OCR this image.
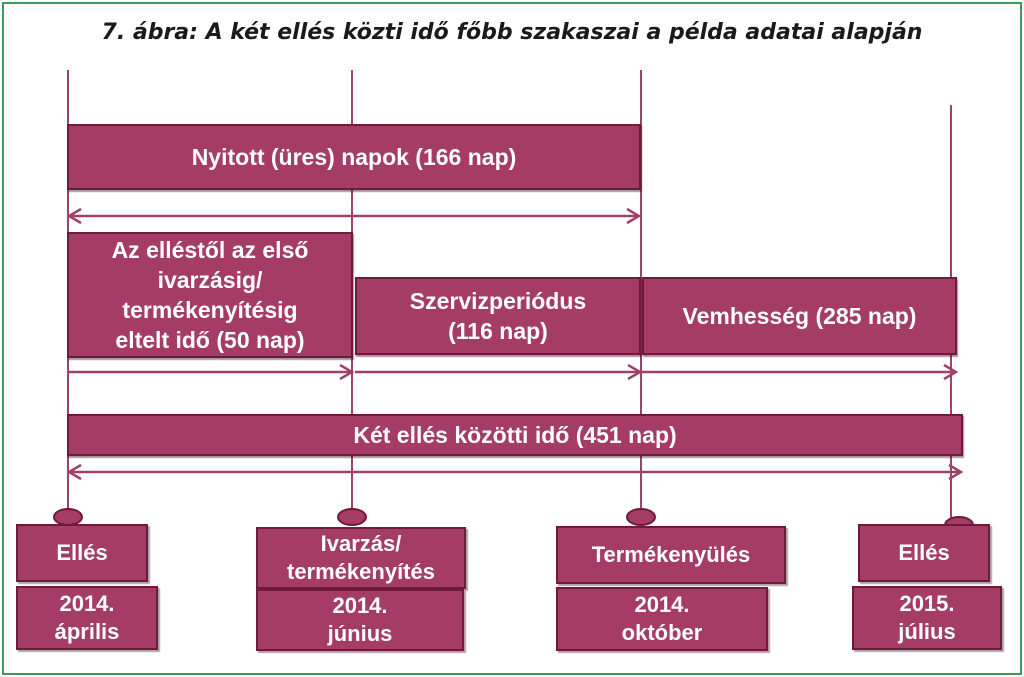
7. ábra: A két ellés közti idő főbb szakaszai a példa adatai alapján
Nyitott (üres) napok (166 nap)
Az elléstől az első
ivarzásig/
termékenyítésig
eltelt idő (50 nap)
Szervizperiódus
(116 nap)
Vemhesség (285 nap)
Két ellés közötti idő (451 nap)
Ellés
2014.
április
Ivarzás/
termékenyítés
2014.
június
Termékenyülés
2014.
október
Ellés
2015.
július
